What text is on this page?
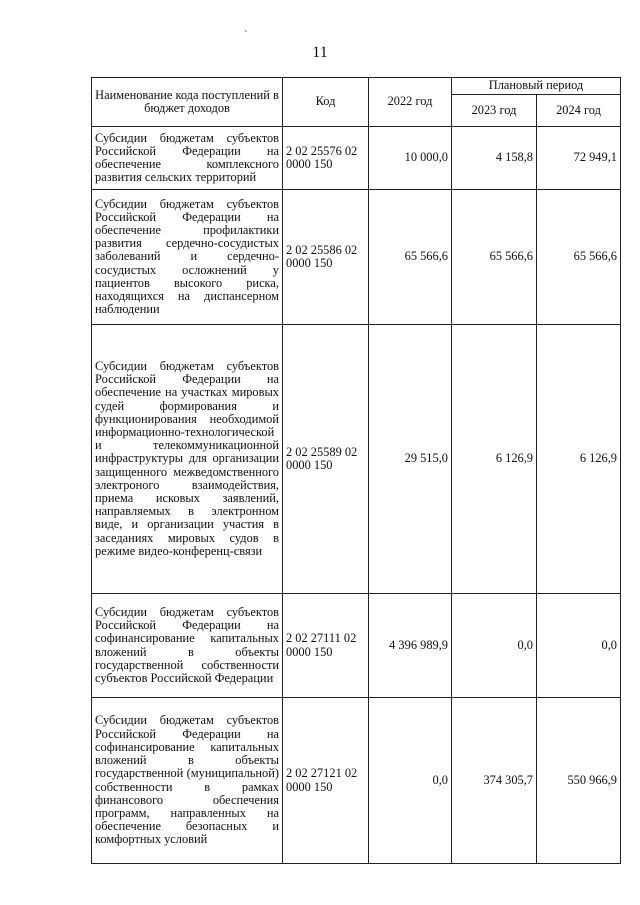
`
11
Наименование кода поступлений в бюджет доходов	Код	2022 год	Плановый период	
			2023 год	2024 год
Субсидии бюджетам субъектов Российской Федерации на обеспечение комплексного развития сельских территорий	2 02 25576 02 0000 150	10 000,0	4 158,8	72 949,1
Субсидии бюджетам субъектов Российской Федерации на обеспечение профилактики развития сердечно-сосудистых заболеваний и сердечно-сосудистых осложнений у пациентов высокого риска, находящихся на диспансерном наблюдении	2 02 25586 02 0000 150	65 566,6	65 566,6	65 566,6
Субсидии бюджетам субъектов Российской Федерации на обеспечение на участках мировых судей формирования и функционирования необходимой информационно-технологической и телекоммуникационной инфраструктуры для организации защищенного межведомственного электроного взаимодействия, приема исковых заявлений, направляемых в электронном виде, и организации участия в заседаниях мировых судов в режиме видео-конференц-связи	2 02 25589 02 0000 150	29 515,0	6 126,9	6 126,9
Субсидии бюджетам субъектов Российской Федерации на софинансирование капитальных вложений в объекты государственной собственности субъектов Российской Федерации	2 02 27111 02 0000 150	4 396 989,9	0,0	0,0
Субсидии бюджетам субъектов Российской Федерации на софинансирование капитальных вложений в объекты государственной (муниципальной) собственности в рамках финансового обеспечения программ, направленных на обеспечение безопасных и комфортных условий	2 02 27121 02 0000 150	0,0	374 305,7	550 966,9
